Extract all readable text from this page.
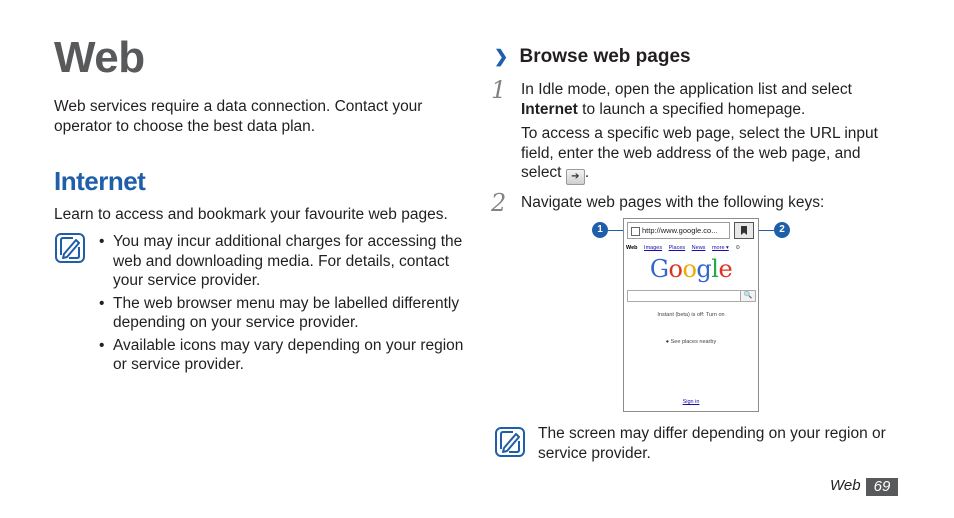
Web
Web services require a data connection. Contact your operator to choose the best data plan.
Internet
Learn to access and bookmark your favourite web pages.
• You may incur additional charges for accessing the web and downloading media. For details, contact your service provider.
• The web browser menu may be labelled differently depending on your service provider.
• Available icons may vary depending on your region or service provider.
❯ Browse web pages
1 In Idle mode, open the application list and select Internet to launch a specified homepage.
To access a specific web page, select the URL input field, enter the web address of the web page, and select ➔ .
2 Navigate web pages with the following keys:
1	2
http://www.google.co...
Web Images Places News more ▾ ⚙
Google
🔍
Instant (beta) is off: Turn on
● See places nearby
Sign in
The screen may differ depending on your region or service provider.
Web 69
